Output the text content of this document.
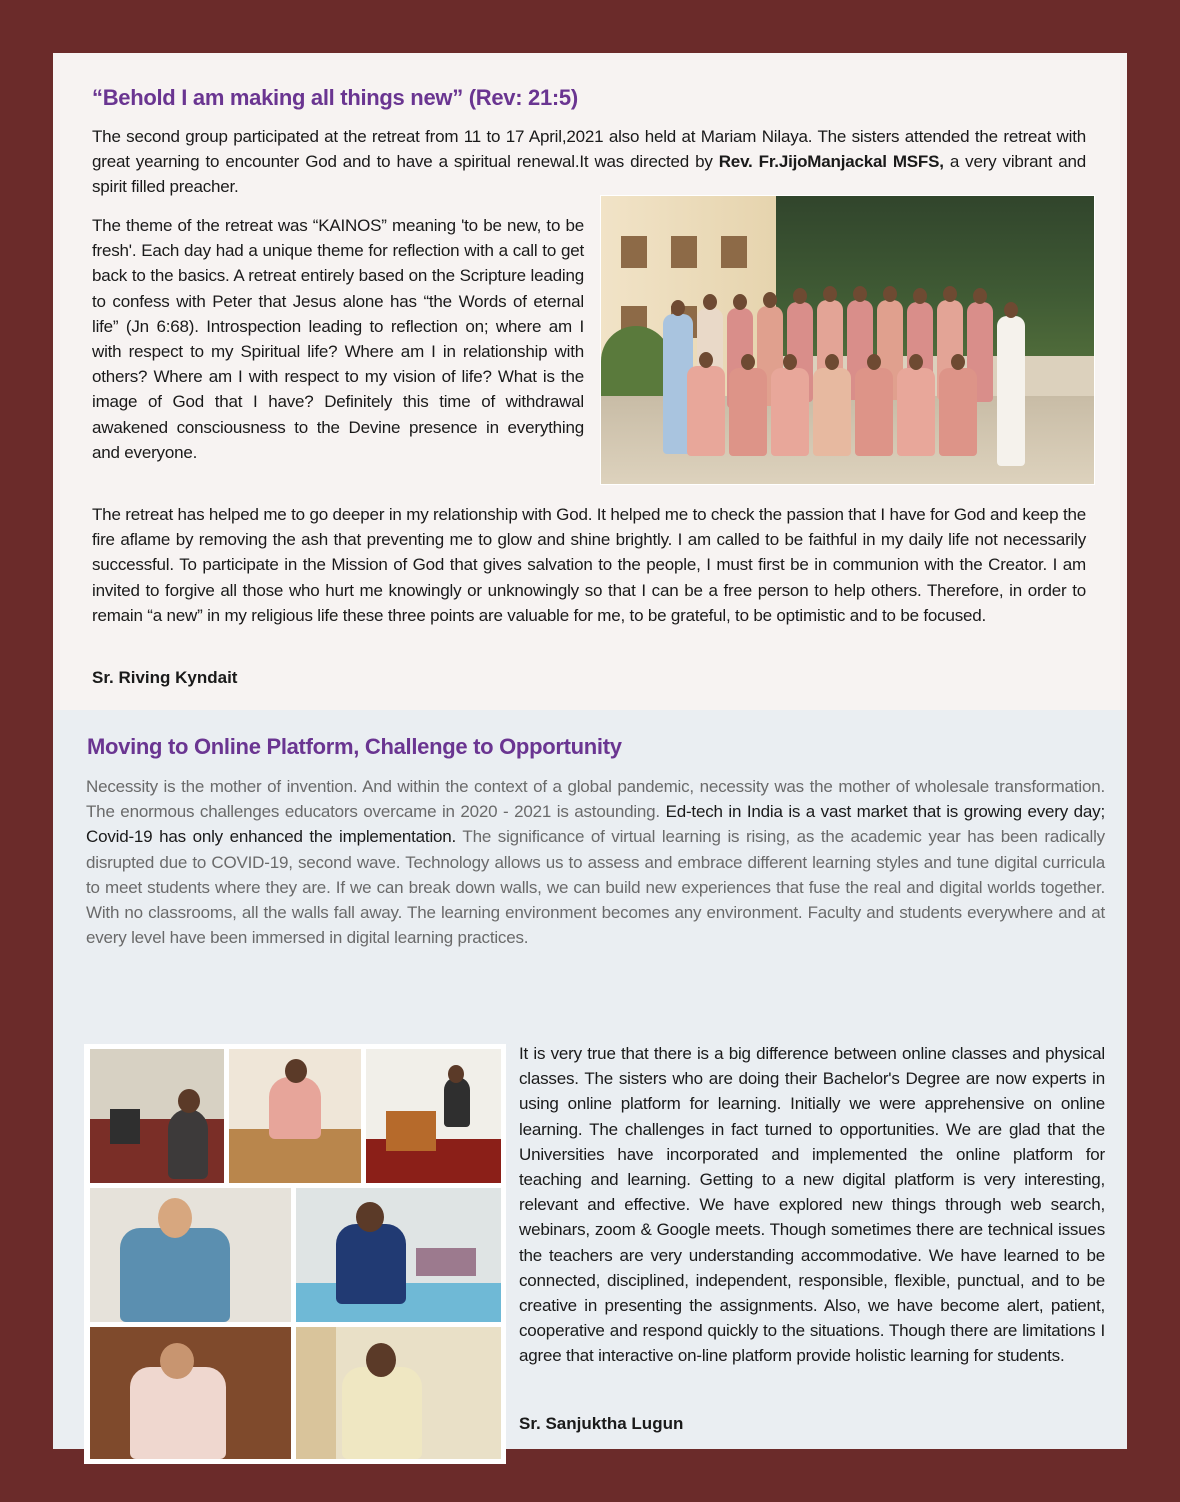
“Behold I am making all things new” (Rev: 21:5)

The second group participated at the retreat from 11 to 17 April,2021 also held at Mariam Nilaya. The sisters attended the retreat with great yearning to encounter God and to have a spiritual renewal.It was directed by Rev. Fr.JijoManjackal MSFS, a very vibrant and spirit filled preacher.

The theme of the retreat was “KAINOS” meaning 'to be new, to be fresh'. Each day had a unique theme for reflection with a call to get back to the basics. A retreat entirely based on the Scripture leading to confess with Peter that Jesus alone has “the Words of eternal life” (Jn 6:68). Introspection leading to reflection on; where am I with respect to my Spiritual life? Where am I in relationship with others? Where am I with respect to my vision of life? What is the image of God that I have? Definitely this time of withdrawal awakened consciousness to the Devine presence in everything and everyone.

The retreat has helped me to go deeper in my relationship with God. It helped me to check the passion that I have for God and keep the fire aflame by removing the ash that preventing me to glow and shine brightly. I am called to be faithful in my daily life not necessarily successful. To participate in the Mission of God that gives salvation to the people, I must first be in communion with the Creator. I am invited to forgive all those who hurt me knowingly or unknowingly so that I can be a free person to help others. Therefore, in order to remain “a new” in my religious life these three points are valuable for me, to be grateful, to be optimistic and to be focused.

Sr. Riving Kyndait

Moving to Online Platform, Challenge to Opportunity

Necessity is the mother of invention. And within the context of a global pandemic, necessity was the mother of wholesale transformation. The enormous challenges educators overcame in 2020 - 2021 is astounding. Ed-tech in India is a vast market that is growing every day; Covid-19 has only enhanced the implementation. The significance of virtual learning is rising, as the academic year has been radically disrupted due to COVID-19, second wave. Technology allows us to assess and embrace different learning styles and tune digital curricula to meet students where they are. If we can break down walls, we can build new experiences that fuse the real and digital worlds together. With no classrooms, all the walls fall away. The learning environment becomes any environment. Faculty and students everywhere and at every level have been immersed in digital learning practices.

It is very true that there is a big difference between online classes and physical classes. The sisters who are doing their Bachelor's Degree are now experts in using online platform for learning. Initially we were apprehensive on online learning. The challenges in fact turned to opportunities. We are glad that the Universities have incorporated and implemented the online platform for teaching and learning. Getting to a new digital platform is very interesting, relevant and effective. We have explored new things through web search, webinars, zoom & Google meets. Though sometimes there are technical issues the teachers are very understanding accommodative. We have learned to be connected, disciplined, independent, responsible, flexible, punctual, and to be creative in presenting the assignments. Also, we have become alert, patient, cooperative and respond quickly to the situations. Though there are limitations I agree that interactive on-line platform provide holistic learning for students.

Sr. Sanjuktha Lugun
